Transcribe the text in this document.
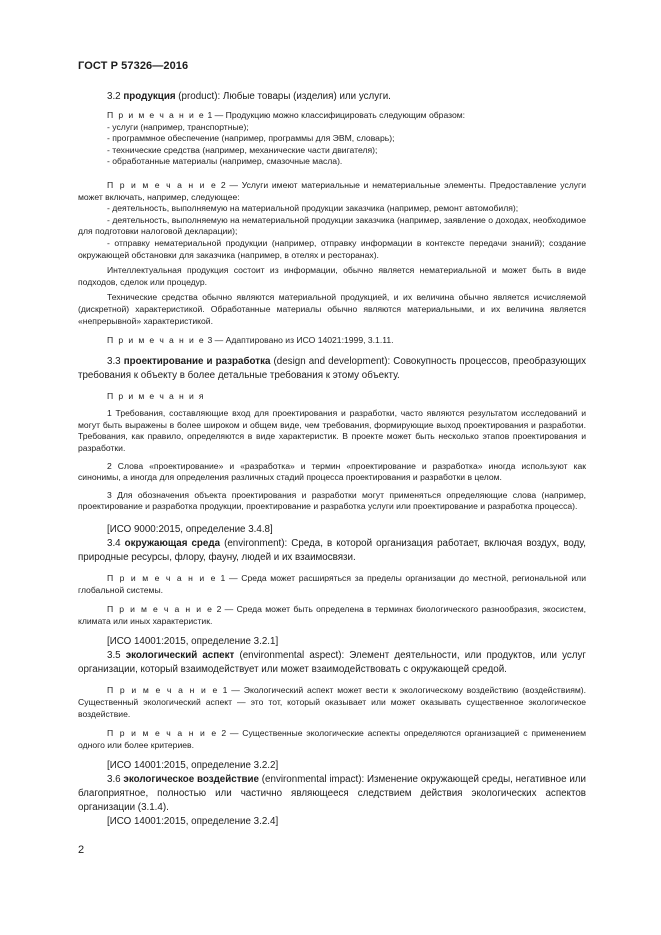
ГОСТ Р 57326—2016

3.2 продукция (product): Любые товары (изделия) или услуги.

П р и м е ч а н и е 1 — Продукцию можно классифицировать следующим образом:

- услуги (например, транспортные);

- программное обеспечение (например, программы для ЭВМ, словарь);

- технические средства (например, механические части двигателя);

- обработанные материалы (например, смазочные масла).

П р и м е ч а н и е 2 — Услуги имеют материальные и нематериальные элементы. Предоставление услуги может включать, например, следующее:

- деятельность, выполняемую на материальной продукции заказчика (например, ремонт автомобиля);

- деятельность, выполняемую на нематериальной продукции заказчика (например, заявление о доходах, необходимое для подготовки налоговой декларации);

- отправку нематериальной продукции (например, отправку информации в контексте передачи знаний); создание окружающей обстановки для заказчика (например, в отелях и ресторанах).

Интеллектуальная продукция состоит из информации, обычно является нематериальной и может быть в виде подходов, сделок или процедур.

Технические средства обычно являются материальной продукцией, и их величина обычно является исчисляемой (дискретной) характеристикой. Обработанные материалы обычно являются материальными, и их величина является «непрерывной» характеристикой.

П р и м е ч а н и е 3 — Адаптировано из ИСО 14021:1999, 3.1.11.

3.3 проектирование и разработка (design and development): Совокупность процессов, преобразующих требования к объекту в более детальные требования к этому объекту.

П р и м е ч а н и я

1 Требования, составляющие вход для проектирования и разработки, часто являются результатом исследований и могут быть выражены в более широком и общем виде, чем требования, формирующие выход проектирования и разработки. Требования, как правило, определяются в виде характеристик. В проекте может быть несколько этапов проектирования и разработки.

2 Слова «проектирование» и «разработка» и термин «проектирование и разработка» иногда используют как синонимы, а иногда для определения различных стадий процесса проектирования и разработки в целом.

3 Для обозначения объекта проектирования и разработки могут применяться определяющие слова (например, проектирование и разработка продукции, проектирование и разработка услуги или проектирование и разработка процесса).

[ИСО 9000:2015, определение 3.4.8]

3.4 окружающая среда (environment): Среда, в которой организация работает, включая воздух, воду, природные ресурсы, флору, фауну, людей и их взаимосвязи.

П р и м е ч а н и е 1 — Среда может расширяться за пределы организации до местной, региональной или глобальной системы.

П р и м е ч а н и е 2 — Среда может быть определена в терминах биологического разнообразия, экосистем, климата или иных характеристик.

[ИСО 14001:2015, определение 3.2.1]

3.5 экологический аспект (environmental aspect): Элемент деятельности, или продуктов, или услуг организации, который взаимодействует или может взаимодействовать с окружающей средой.

П р и м е ч а н и е 1 — Экологический аспект может вести к экологическому воздействию (воздействиям). Существенный экологический аспект — это тот, который оказывает или может оказывать существенное экологическое воздействие.

П р и м е ч а н и е 2 — Существенные экологические аспекты определяются организацией с применением одного или более критериев.

[ИСО 14001:2015, определение 3.2.2]

3.6 экологическое воздействие (environmental impact): Изменение окружающей среды, негативное или благоприятное, полностью или частично являющееся следствием действия экологических аспектов организации (3.1.4).

[ИСО 14001:2015, определение 3.2.4]

2
